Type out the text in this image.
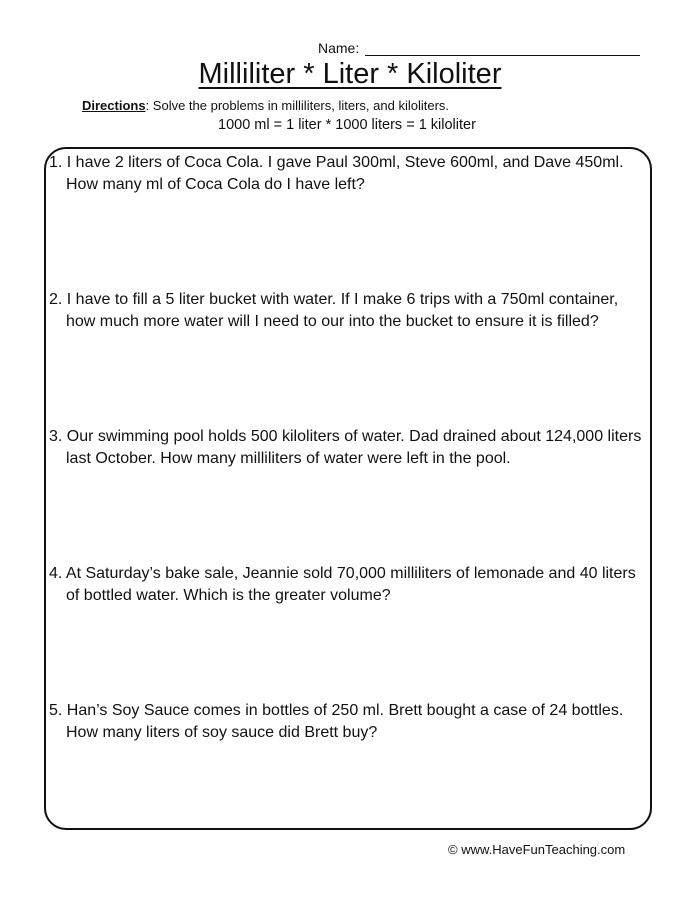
Name:
Milliliter * Liter * Kiloliter
Directions: Solve the problems in milliliters, liters, and kiloliters.
1000 ml = 1 liter * 1000 liters = 1 kiloliter
1. I have 2 liters of Coca Cola. I gave Paul 300ml, Steve 600ml, and Dave 450ml.
How many ml of Coca Cola do I have left?
2. I have to fill a 5 liter bucket with water. If I make 6 trips with a 750ml container,
how much more water will I need to our into the bucket to ensure it is filled?
3. Our swimming pool holds 500 kiloliters of water. Dad drained about 124,000 liters
last October. How many milliliters of water were left in the pool.
4. At Saturday’s bake sale, Jeannie sold 70,000 milliliters of lemonade and 40 liters
of bottled water. Which is the greater volume?
5. Han’s Soy Sauce comes in bottles of 250 ml. Brett bought a case of 24 bottles.
How many liters of soy sauce did Brett buy?
© www.HaveFunTeaching.com
